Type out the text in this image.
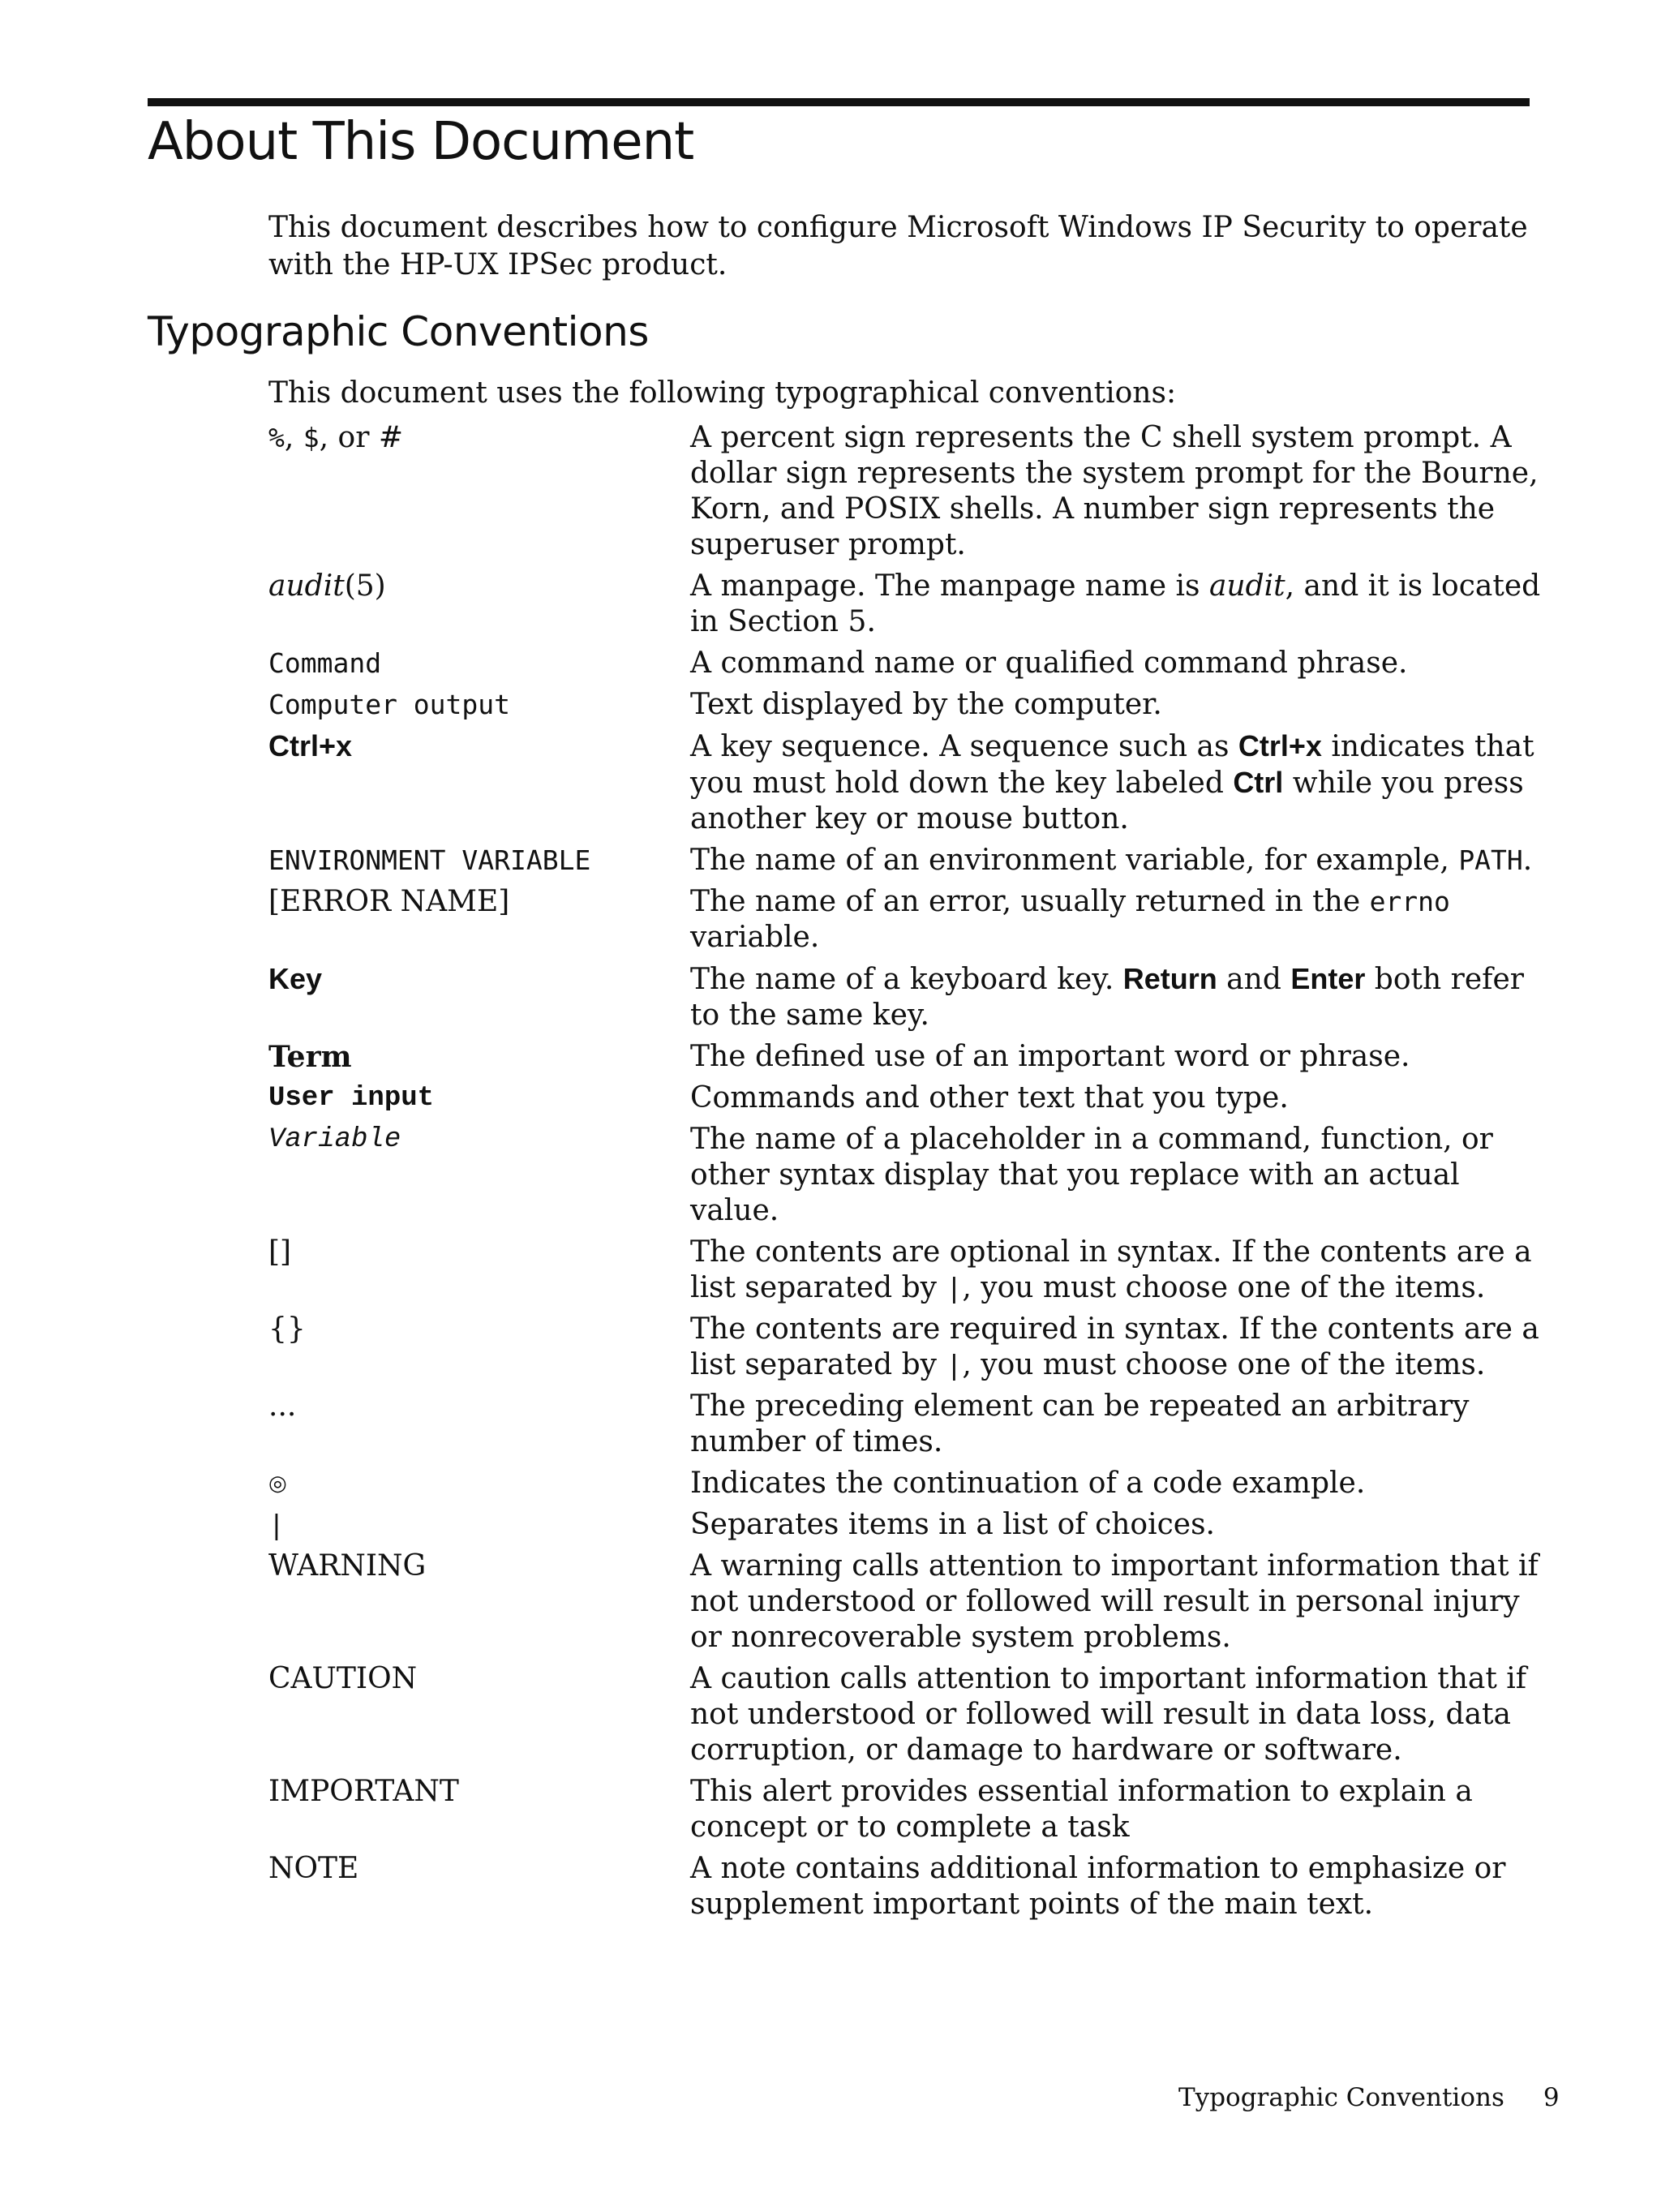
About This Document

This document describes how to configure Microsoft Windows IP Security to operate with the HP-UX IPSec product.

Typographic Conventions

This document uses the following typographical conventions:

%, $, or #	A percent sign represents the C shell system prompt. A dollar sign represents the system prompt for the Bourne, Korn, and POSIX shells. A number sign represents the superuser prompt.
audit(5)	A manpage. The manpage name is audit, and it is located in Section 5.
Command	A command name or qualified command phrase.
Computer output	Text displayed by the computer.
Ctrl+x	A key sequence. A sequence such as Ctrl+x indicates that you must hold down the key labeled Ctrl while you press another key or mouse button.
ENVIRONMENT VARIABLE	The name of an environment variable, for example, PATH.
[ERROR NAME]	The name of an error, usually returned in the errno variable.
Key	The name of a keyboard key. Return and Enter both refer to the same key.
Term	The defined use of an important word or phrase.
User input	Commands and other text that you type.
Variable	The name of a placeholder in a command, function, or other syntax display that you replace with an actual value.
[]	The contents are optional in syntax. If the contents are a list separated by |, you must choose one of the items.
{}	The contents are required in syntax. If the contents are a list separated by |, you must choose one of the items.
...	The preceding element can be repeated an arbitrary number of times.
◎	Indicates the continuation of a code example.
|	Separates items in a list of choices.
WARNING	A warning calls attention to important information that if not understood or followed will result in personal injury or nonrecoverable system problems.
CAUTION	A caution calls attention to important information that if not understood or followed will result in data loss, data corruption, or damage to hardware or software.
IMPORTANT	This alert provides essential information to explain a concept or to complete a task
NOTE	A note contains additional information to emphasize or supplement important points of the main text.
Typographic Conventions 9
